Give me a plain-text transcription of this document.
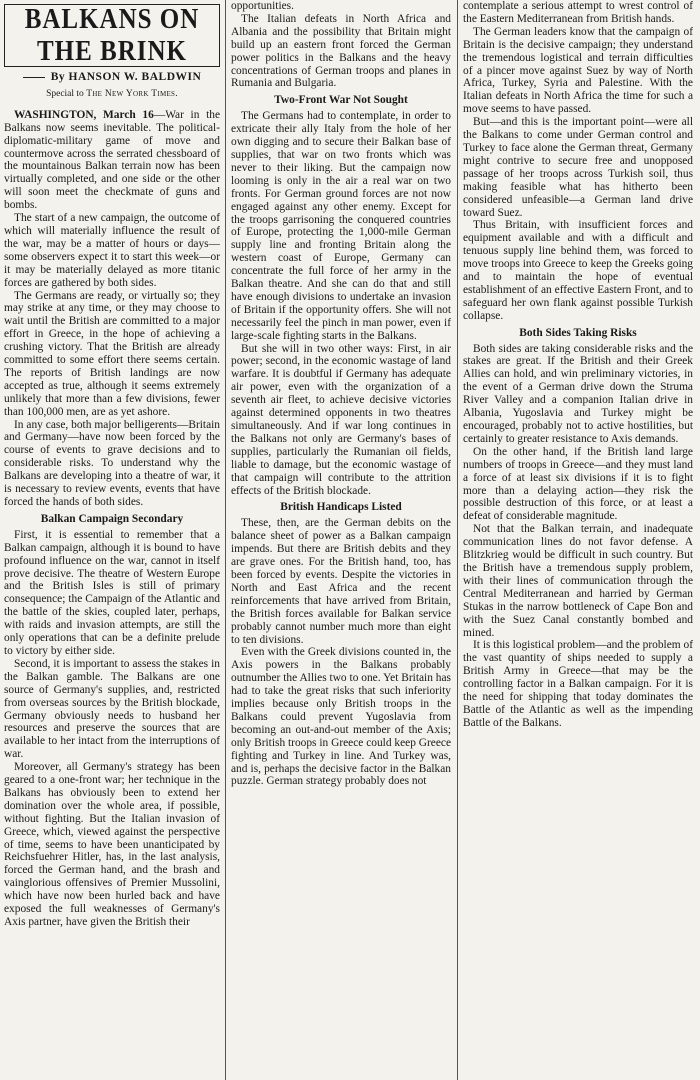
BALKANS ON THE BRINK
By HANSON W. BALDWIN
Special to The New York Times.

WASHINGTON, March 16—War in the Balkans now seems inevitable. The political-diplomatic-military game of move and countermove across the serrated chessboard of the mountainous Balkan terrain now has been virtually completed, and one side or the other will soon meet the checkmate of guns and bombs.

The start of a new campaign, the outcome of which will materially influence the result of the war, may be a matter of hours or days—some observers expect it to start this week—or it may be materially delayed as more titanic forces are gathered by both sides.

The Germans are ready, or virtually so; they may strike at any time, or they may choose to wait until the British are committed to a major effort in Greece, in the hope of achieving a crushing victory. That the British are already committed to some effort there seems certain. The reports of British landings are now accepted as true, although it seems extremely unlikely that more than a few divisions, fewer than 100,000 men, are as yet ashore.

In any case, both major belligerents—Britain and Germany—have now been forced by the course of events to grave decisions and to considerable risks. To understand why the Balkans are developing into a theatre of war, it is necessary to review events, events that have forced the hands of both sides.

Balkan Campaign Secondary

First, it is essential to remember that a Balkan campaign, although it is bound to have profound influence on the war, cannot in itself prove decisive. The theatre of Western Europe and the British Isles is still of primary consequence; the Campaign of the Atlantic and the battle of the skies, coupled later, perhaps, with raids and invasion attempts, are still the only operations that can be a definite prelude to victory by either side.

Second, it is important to assess the stakes in the Balkan gamble. The Balkans are one source of Germany's supplies, and, restricted from overseas sources by the British blockade, Germany obviously needs to husband her resources and preserve the sources that are available to her intact from the interruptions of war.

Moreover, all Germany's strategy has been geared to a one-front war; her technique in the Balkans has obviously been to extend her domination over the whole area, if possible, without fighting. But the Italian invasion of Greece, which, viewed against the perspective of time, seems to have been unanticipated by Reichsfuehrer Hitler, has, in the last analysis, forced the German hand, and the brash and vainglorious offensives of Premier Mussolini, which have now been hurled back and have exposed the full weaknesses of Germany's Axis partner, have given the British their

opportunities.

The Italian defeats in North Africa and Albania and the possibility that Britain might build up an eastern front forced the German power politics in the Balkans and the heavy concentrations of German troops and planes in Rumania and Bulgaria.

Two-Front War Not Sought

The Germans had to contemplate, in order to extricate their ally Italy from the hole of her own digging and to secure their Balkan base of supplies, that war on two fronts which was never to their liking. But the campaign now looming is only in the air a real war on two fronts. For German ground forces are not now engaged against any other enemy. Except for the troops garrisoning the conquered countries of Europe, protecting the 1,000-mile German supply line and fronting Britain along the western coast of Europe, Germany can concentrate the full force of her army in the Balkan theatre. And she can do that and still have enough divisions to undertake an invasion of Britain if the opportunity offers. She will not necessarily feel the pinch in man power, even if large-scale fighting starts in the Balkans.

But she will in two other ways: First, in air power; second, in the economic wastage of land warfare. It is doubtful if Germany has adequate air power, even with the organization of a seventh air fleet, to achieve decisive victories against determined opponents in two theatres simultaneously. And if war long continues in the Balkans not only are Germany's bases of supplies, particularly the Rumanian oil fields, liable to damage, but the economic wastage of that campaign will contribute to the attrition effects of the British blockade.

British Handicaps Listed

These, then, are the German debits on the balance sheet of power as a Balkan campaign impends. But there are British debits and they are grave ones. For the British hand, too, has been forced by events. Despite the victories in North and East Africa and the recent reinforcements that have arrived from Britain, the British forces available for Balkan service probably cannot number much more than eight to ten divisions.

Even with the Greek divisions counted in, the Axis powers in the Balkans probably outnumber the Allies two to one. Yet Britain has had to take the great risks that such inferiority implies because only British troops in the Balkans could prevent Yugoslavia from becoming an out-and-out member of the Axis; only British troops in Greece could keep Greece fighting and Turkey in line. And Turkey was, and is, perhaps the decisive factor in the Balkan puzzle. German strategy probably does not

contemplate a serious attempt to wrest control of the Eastern Mediterranean from British hands.

The German leaders know that the campaign of Britain is the decisive campaign; they understand the tremendous logistical and terrain difficulties of a pincer move against Suez by way of North Africa, Turkey, Syria and Palestine. With the Italian defeats in North Africa the time for such a move seems to have passed.

But—and this is the important point—were all the Balkans to come under German control and Turkey to face alone the German threat, Germany might contrive to secure free and unopposed passage of her troops across Turkish soil, thus making feasible what has hitherto been considered unfeasible—a German land drive toward Suez.

Thus Britain, with insufficient forces and equipment available and with a difficult and tenuous supply line behind them, was forced to move troops into Greece to keep the Greeks going and to maintain the hope of eventual establishment of an effective Eastern Front, and to safeguard her own flank against possible Turkish collapse.

Both Sides Taking Risks

Both sides are taking considerable risks and the stakes are great. If the British and their Greek Allies can hold, and win preliminary victories, in the event of a German drive down the Struma River Valley and a companion Italian drive in Albania, Yugoslavia and Turkey might be encouraged, probably not to active hostilities, but certainly to greater resistance to Axis demands.

On the other hand, if the British land large numbers of troops in Greece—and they must land a force of at least six divisions if it is to fight more than a delaying action—they risk the possible destruction of this force, or at least a defeat of considerable magnitude.

Not that the Balkan terrain, and inadequate communication lines do not favor defense. A Blitzkrieg would be difficult in such country. But the British have a tremendous supply problem, with their lines of communication through the Central Mediterranean and harried by German Stukas in the narrow bottleneck of Cape Bon and with the Suez Canal constantly bombed and mined.

It is this logistical problem—and the problem of the vast quantity of ships needed to supply a British Army in Greece—that may be the controlling factor in a Balkan campaign. For it is the need for shipping that today dominates the Battle of the Atlantic as well as the impending Battle of the Balkans.
